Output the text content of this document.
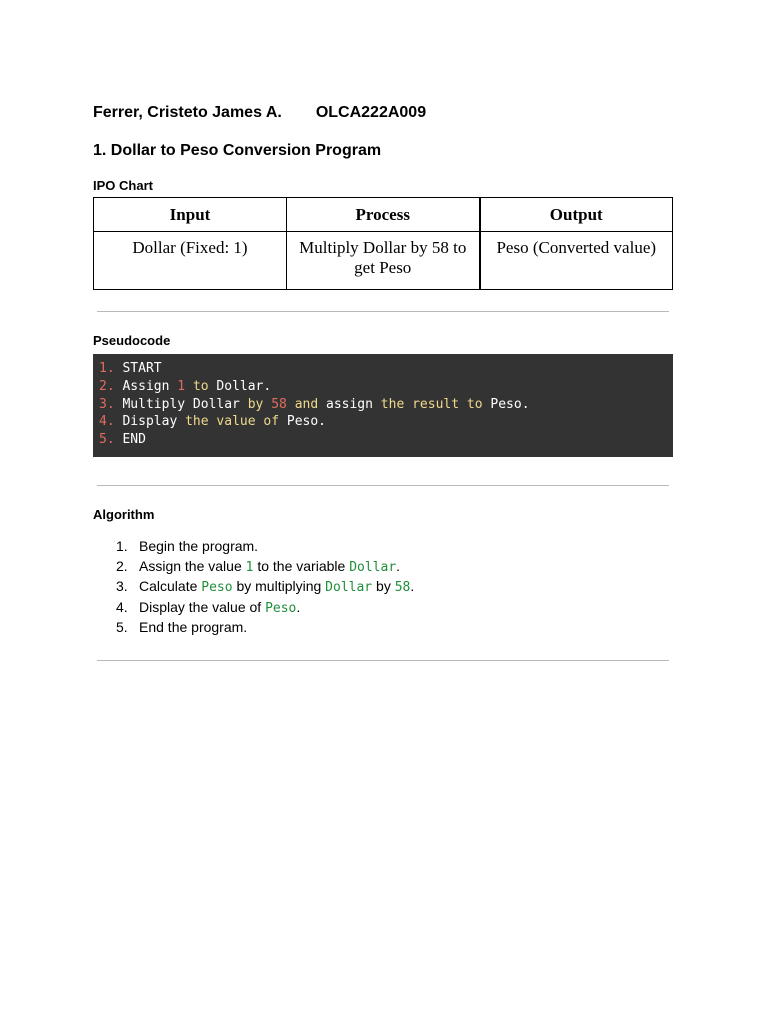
Ferrer, Cristeto James A. OLCA222A009
1. Dollar to Peso Conversion Program
IPO Chart
Input	Process	Output
Dollar (Fixed: 1)	Multiply Dollar by 58 to get Peso	Peso (Converted value)
Pseudocode
1. START
2. Assign 1 to Dollar.
3. Multiply Dollar by 58 and assign the result to Peso.
4. Display the value of Peso.
5. END
Algorithm
1. Begin the program.
2. Assign the value 1 to the variable Dollar.
3. Calculate Peso by multiplying Dollar by 58.
4. Display the value of Peso.
5. End the program.
